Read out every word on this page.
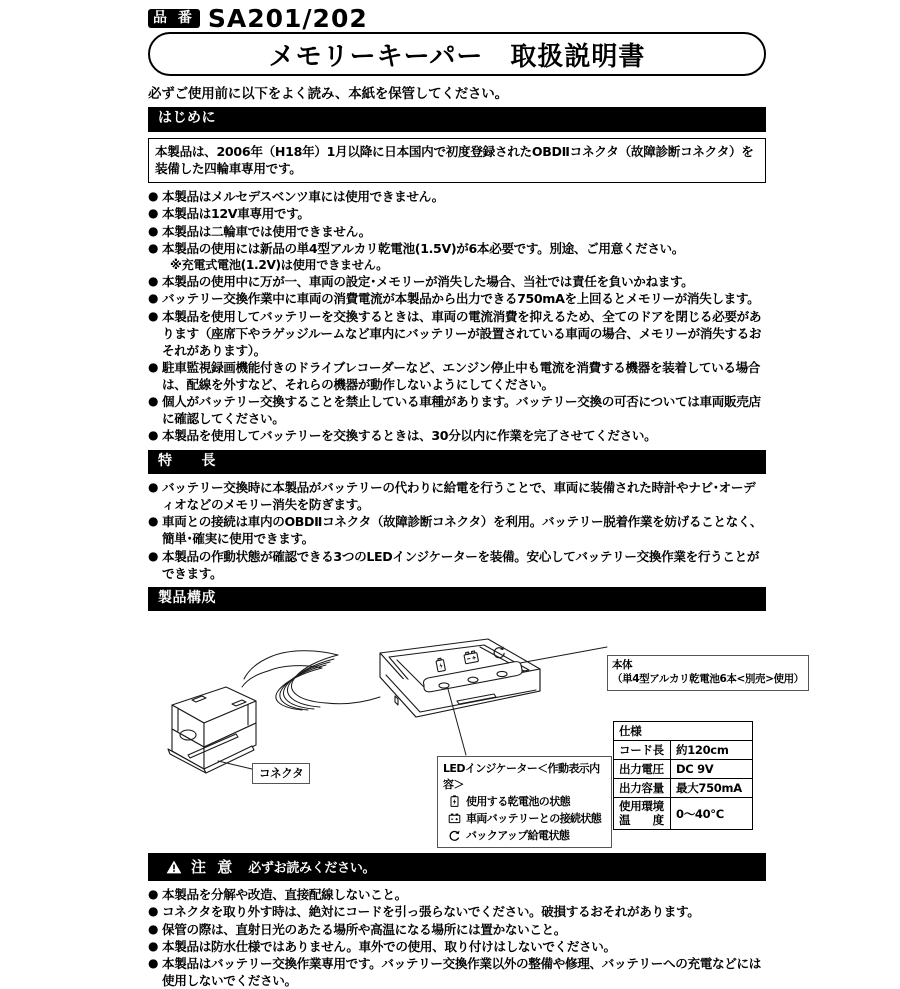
品 番 SA201/202
メモリーキーパー　取扱説明書
必ずご使用前に以下をよく読み、本紙を保管してください。
はじめに
本製品は、2006年（H18年）1月以降に日本国内で初度登録されたOBDⅡコネクタ（故障診断コネクタ）を装備した四輪車専用です。
● 本製品はメルセデスベンツ車には使用できません。
● 本製品は12V車専用です。
● 本製品は二輪車では使用できません。
● 本製品の使用には新品の単4型アルカリ乾電池(1.5V)が6本必要です。別途、ご用意ください。
※充電式電池(1.2V)は使用できません。
● 本製品の使用中に万が一、車両の設定･メモリーが消失した場合、当社では責任を負いかねます。
● バッテリー交換作業中に車両の消費電流が本製品から出力できる750mAを上回るとメモリーが消失します。
● 本製品を使用してバッテリーを交換するときは、車両の電流消費を抑えるため、全てのドアを閉じる必要があります（座席下やラゲッジルームなど車内にバッテリーが設置されている車両の場合、メモリーが消失するおそれがあります）。
● 駐車監視録画機能付きのドライブレコーダーなど、エンジン停止中も電流を消費する機器を装着している場合は、配線を外すなど、それらの機器が動作しないようにしてください。
● 個人がバッテリー交換することを禁止している車種があります。バッテリー交換の可否については車両販売店に確認してください。
● 本製品を使用してバッテリーを交換するときは、30分以内に作業を完了させてください。
特　　長
● バッテリー交換時に本製品がバッテリーの代わりに給電を行うことで、車両に装備された時計やナビ･オーディオなどのメモリー消失を防ぎます。
● 車両との接続は車内のOBDⅡコネクタ（故障診断コネクタ）を利用。バッテリー脱着作業を妨げることなく、簡単･確実に使用できます。
● 本製品の作動状態が確認できる3つのLEDインジケーターを装備。安心してバッテリー交換作業を行うことができます。
製品構成
本体
（単4型アルカリ乾電池6本<別売>使用）
コネクタ	LEDインジケーター＜作動表示内容＞
使用する乾電池の状態
車両バッテリーとの接続状態
バックアップ給電状態
仕様	
コード長	約120cm
出力電圧	DC 9V
出力容量	最大750mA

使用環境
温　　度	0～40℃
注 意 必ずお読みください。
● 本製品を分解や改造、直接配線しないこと。
● コネクタを取り外す時は、絶対にコードを引っ張らないでください。破損するおそれがあります。
● 保管の際は、直射日光のあたる場所や高温になる場所には置かないこと。
● 本製品は防水仕様ではありません。車外での使用、取り付けはしないでください。
● 本製品はバッテリー交換作業専用です。バッテリー交換作業以外の整備や修理、バッテリーへの充電などには使用しないでください。
